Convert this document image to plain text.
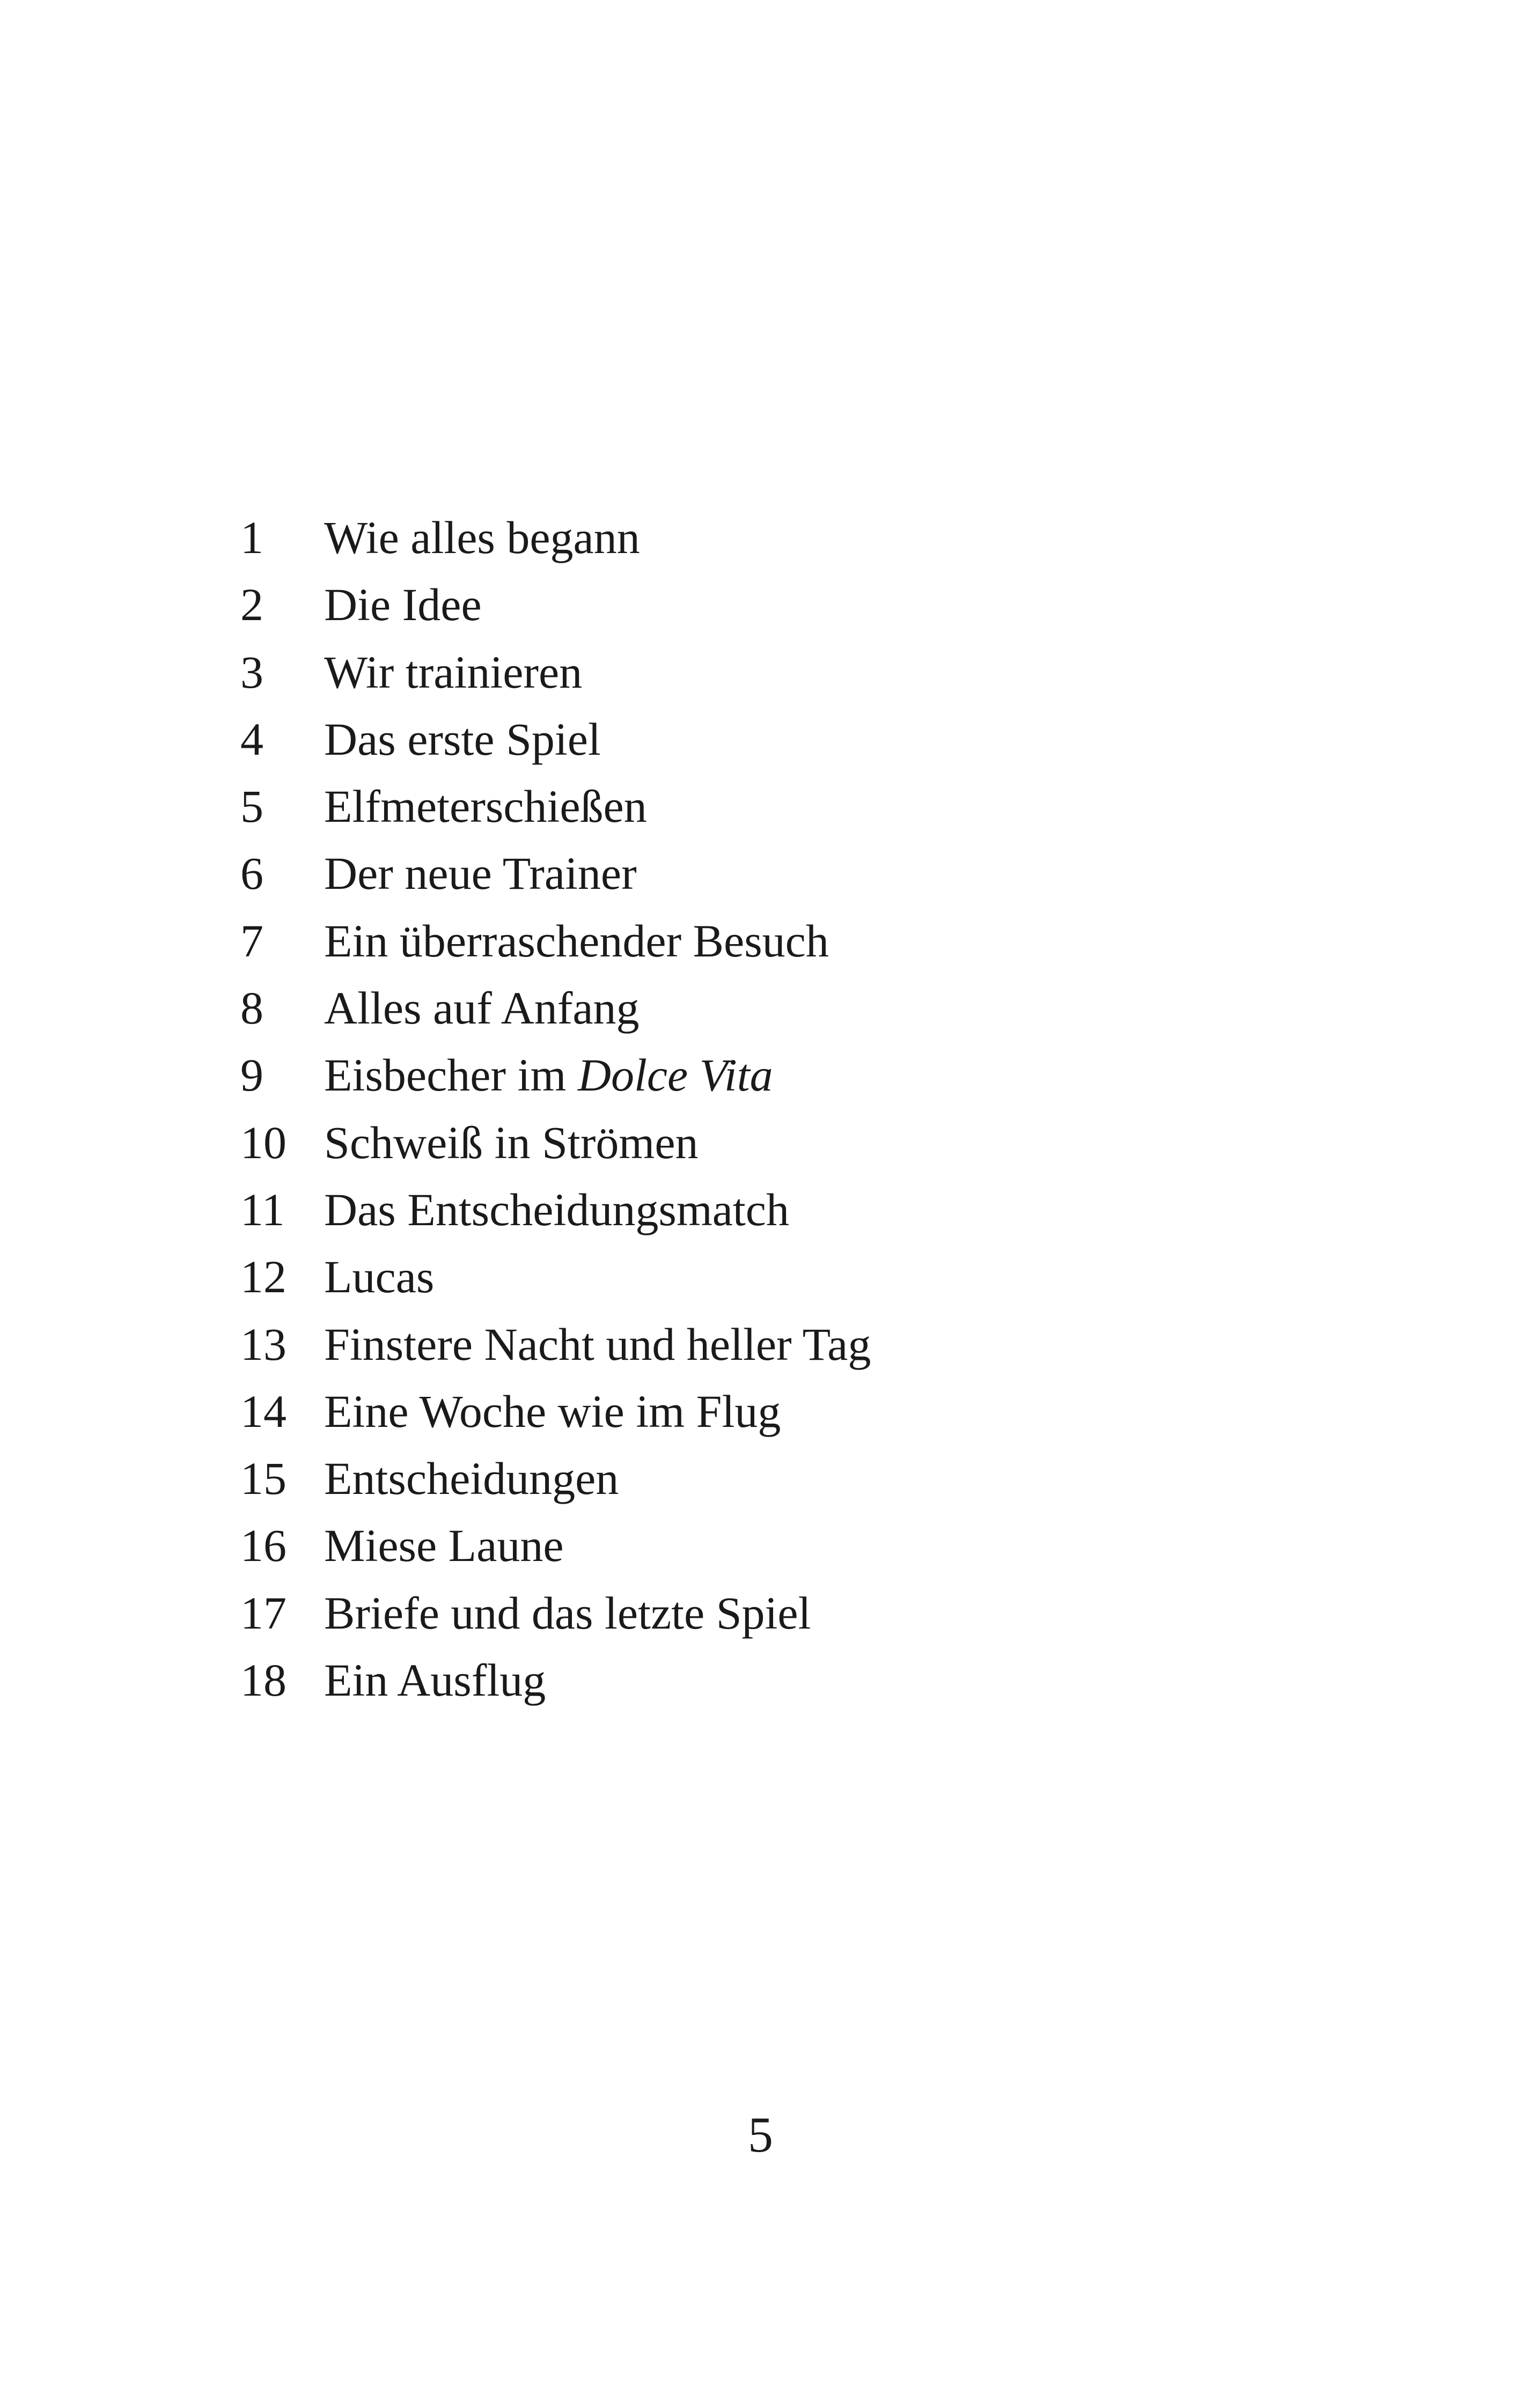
1 Wie alles begann
2 Die Idee
3 Wir trainieren
4 Das erste Spiel
5 Elfmeterschießen
6 Der neue Trainer
7 Ein überraschender Besuch
8 Alles auf Anfang
9 Eisbecher im Dolce Vita
10 Schweiß in Strömen
11 Das Entscheidungsmatch
12 Lucas
13 Finstere Nacht und heller Tag
14 Eine Woche wie im Flug
15 Entscheidungen
16 Miese Laune
17 Briefe und das letzte Spiel
18 Ein Ausflug
5
